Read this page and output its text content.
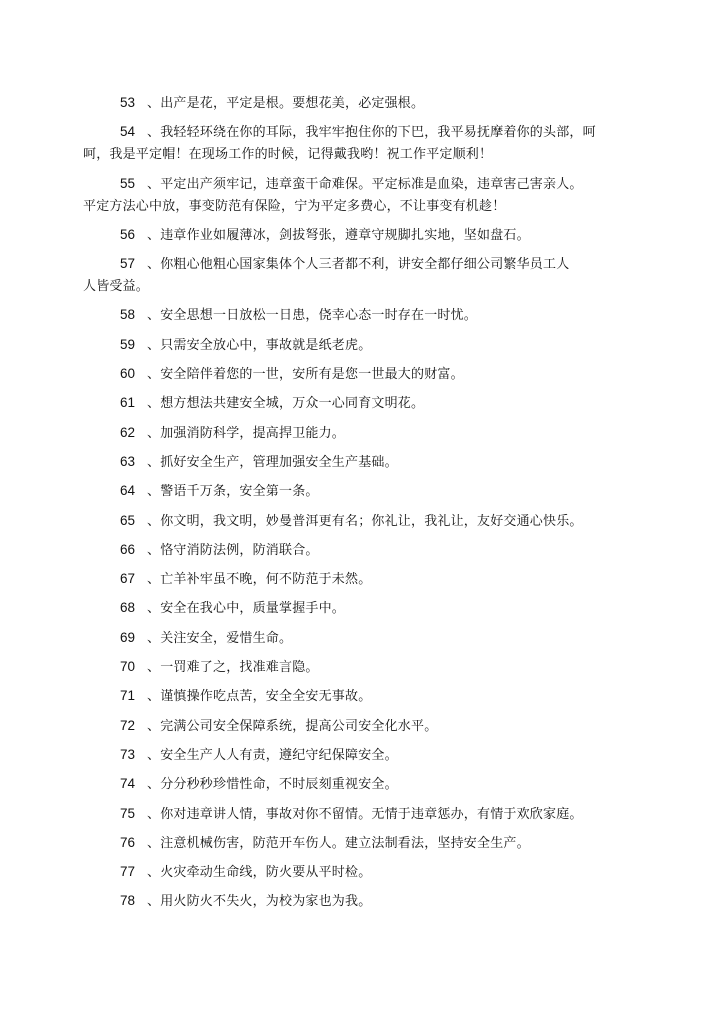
53 、出产是花，平定是根。要想花美，必定强根。
54 、我轻轻环绕在你的耳际，我牢牢抱住你的下巴，我平易抚摩着你的头部，呵
呵，我是平定帽！在现场工作的时候，记得戴我哟！祝工作平定顺利！
55 、平定出产须牢记，违章蛮干命难保。平定标准是血染，违章害己害亲人。
平定方法心中放，事变防范有保险，宁为平定多费心，不让事变有机趁！
56 、违章作业如履薄冰，剑拔弩张，遵章守规脚扎实地，坚如盘石。
57 、你粗心他粗心国家集体个人三者都不利，讲安全都仔细公司繁华员工人
人皆受益。
58 、安全思想一日放松一日患，侥幸心态一时存在一时忧。
59 、只需安全放心中，事故就是纸老虎。
60 、安全陪伴着您的一世，安所有是您一世最大的财富。
61 、想方想法共建安全城，万众一心同育文明花。
62 、加强消防科学，提高捍卫能力。
63 、抓好安全生产，管理加强安全生产基础。
64 、警语千万条，安全第一条。
65 、你文明，我文明，妙曼普洱更有名；你礼让，我礼让，友好交通心快乐。
66 、恪守消防法例，防消联合。
67 、亡羊补牢虽不晚，何不防范于未然。
68 、安全在我心中，质量掌握手中。
69 、关注安全，爱惜生命。
70 、一罚难了之，找准难言隐。
71 、谨慎操作吃点苦，安全全安无事故。
72 、完满公司安全保障系统，提高公司安全化水平。
73 、安全生产人人有责，遵纪守纪保障安全。
74 、分分秒秒珍惜性命，不时辰刻重视安全。
75 、你对违章讲人情，事故对你不留情。无情于违章惩办，有情于欢欣家庭。
76 、注意机械伤害，防范开车伤人。建立法制看法，坚持安全生产。
77 、火灾牵动生命线，防火要从平时检。
78 、用火防火不失火，为校为家也为我。
